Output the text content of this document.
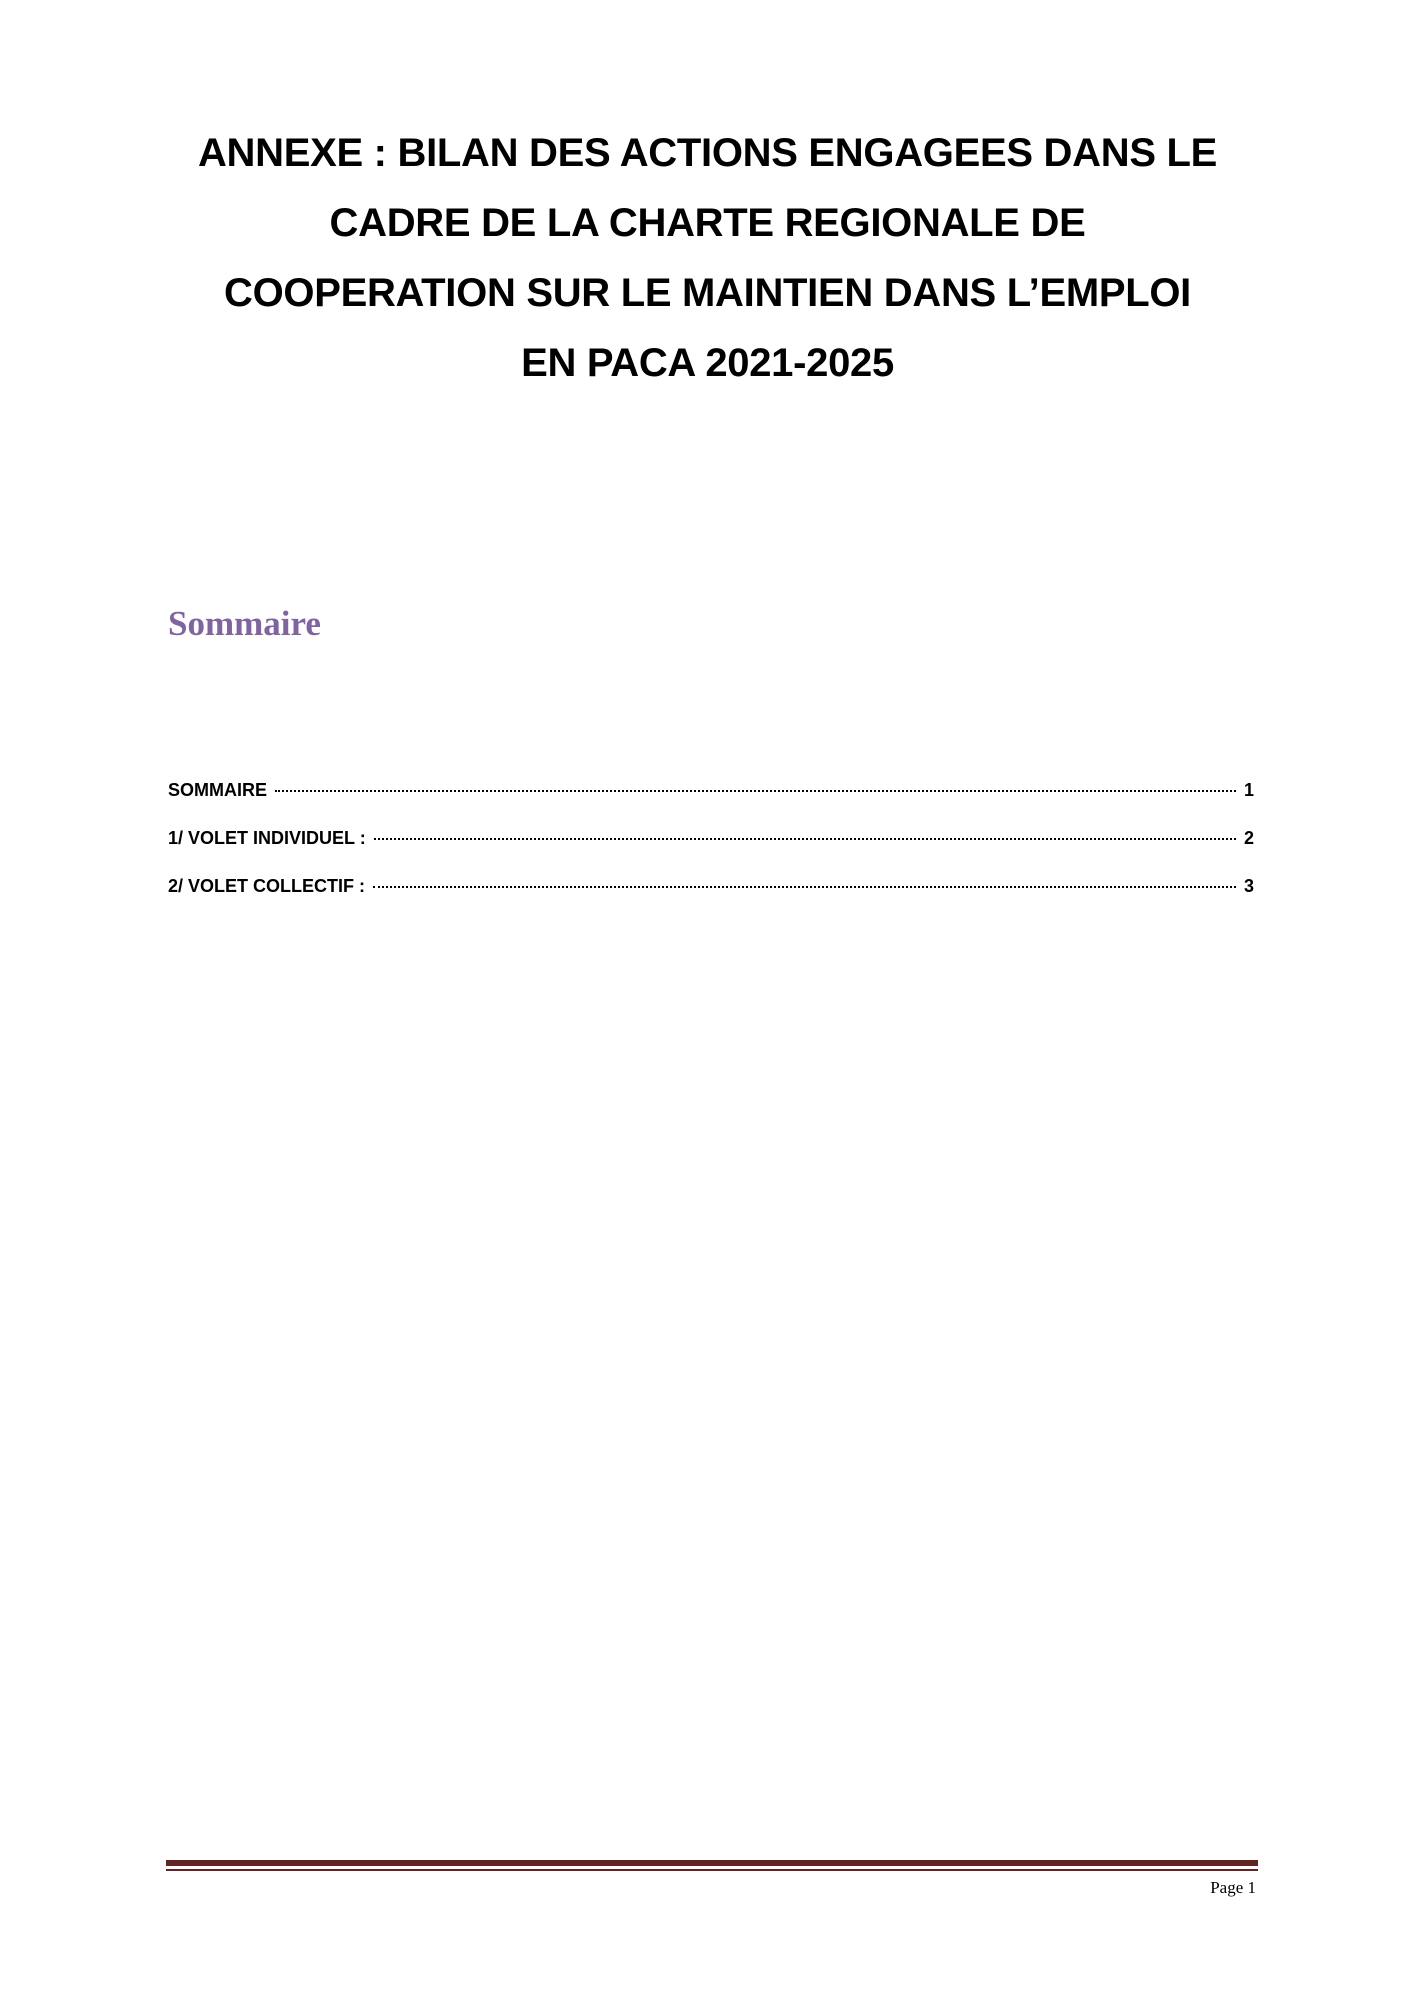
ANNEXE : BILAN DES ACTIONS ENGAGEES DANS LE
CADRE DE LA CHARTE REGIONALE DE
COOPERATION SUR LE MAINTIEN DANS L’EMPLOI
EN PACA 2021-2025
Sommaire
SOMMAIRE	1
1/ VOLET INDIVIDUEL :	2
2/ VOLET COLLECTIF :	3
Page 1
